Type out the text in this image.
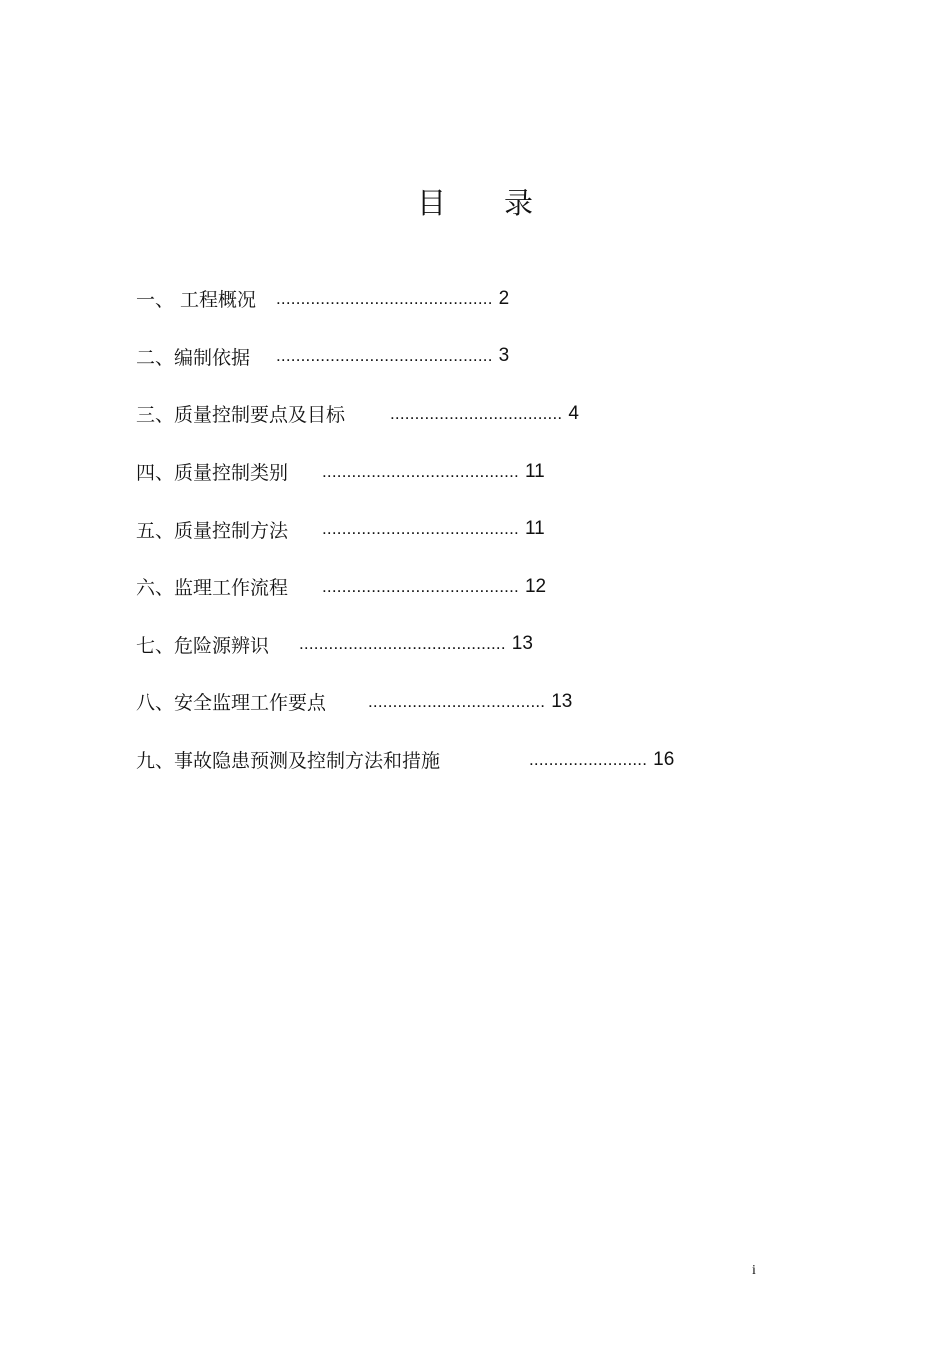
目 录
一、 工程概况	............................................ 2
二、编制依据	............................................ 3
三、质量控制要点及目标	................................... 4
四、质量控制类别	........................................ 11
五、质量控制方法	........................................ 11
六、监理工作流程	........................................ 12
七、危险源辨识	.......................................... 13
八、安全监理工作要点	.................................... 13
九、事故隐患预测及控制方法和措施	........................ 16
i
